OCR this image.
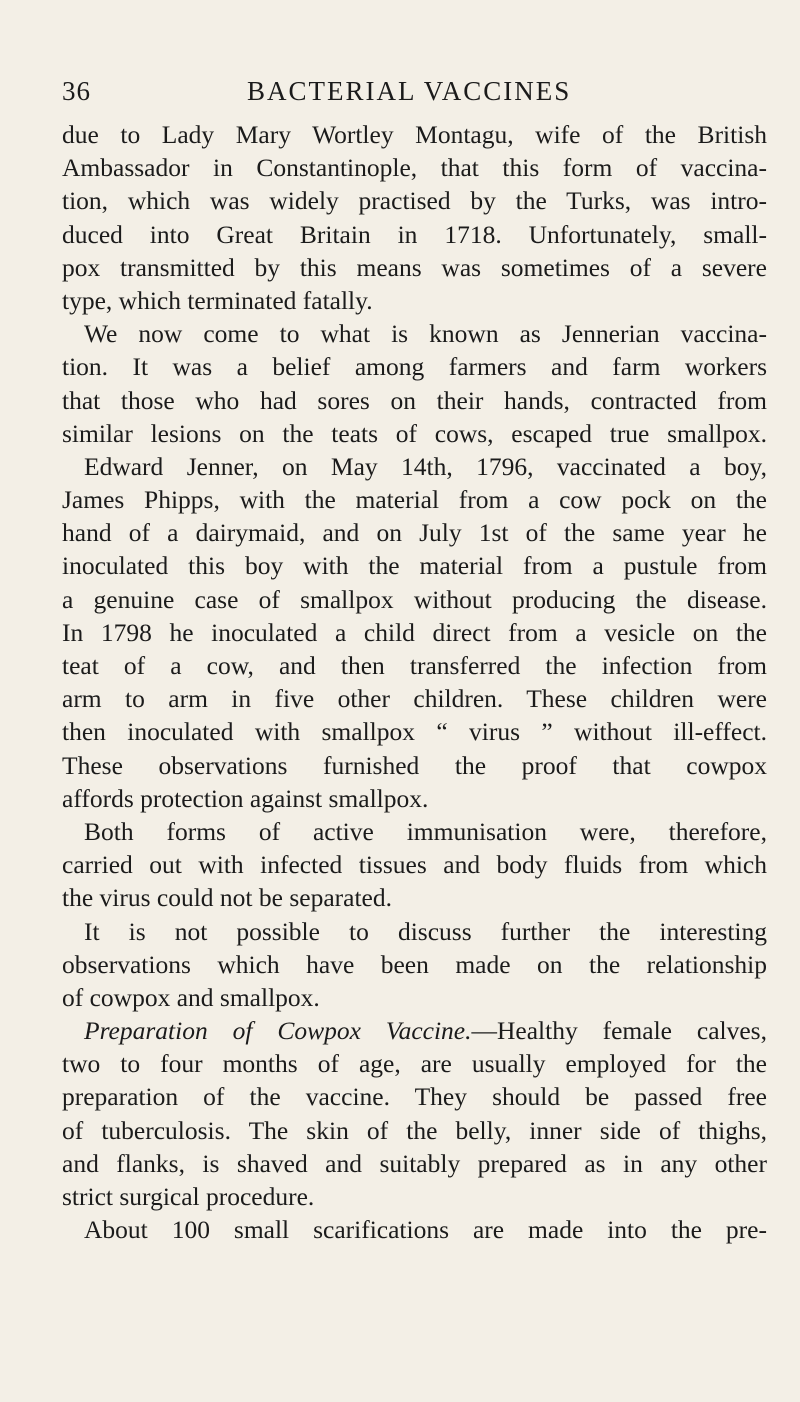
36	BACTERIAL VACCINES
due to Lady Mary Wortley Montagu, wife of the British
Ambassador in Constantinople, that this form of vaccina-
tion, which was widely practised by the Turks, was intro-
duced into Great Britain in 1718. Unfortunately, small-
pox transmitted by this means was sometimes of a severe
type, which terminated fatally.
We now come to what is known as Jennerian vaccina-
tion. It was a belief among farmers and farm workers
that those who had sores on their hands, contracted from
similar lesions on the teats of cows, escaped true smallpox.
Edward Jenner, on May 14th, 1796, vaccinated a boy,
James Phipps, with the material from a cow pock on the
hand of a dairymaid, and on July 1st of the same year he
inoculated this boy with the material from a pustule from
a genuine case of smallpox without producing the disease.
In 1798 he inoculated a child direct from a vesicle on the
teat of a cow, and then transferred the infection from
arm to arm in five other children. These children were
then inoculated with smallpox “ virus ” without ill-effect.
These observations furnished the proof that cowpox
affords protection against smallpox.
Both forms of active immunisation were, therefore,
carried out with infected tissues and body fluids from which
the virus could not be separated.
It is not possible to discuss further the interesting
observations which have been made on the relationship
of cowpox and smallpox.
Preparation of Cowpox Vaccine.—Healthy female calves,
two to four months of age, are usually employed for the
preparation of the vaccine. They should be passed free
of tuberculosis. The skin of the belly, inner side of thighs,
and flanks, is shaved and suitably prepared as in any other
strict surgical procedure.
About 100 small scarifications are made into the pre-
